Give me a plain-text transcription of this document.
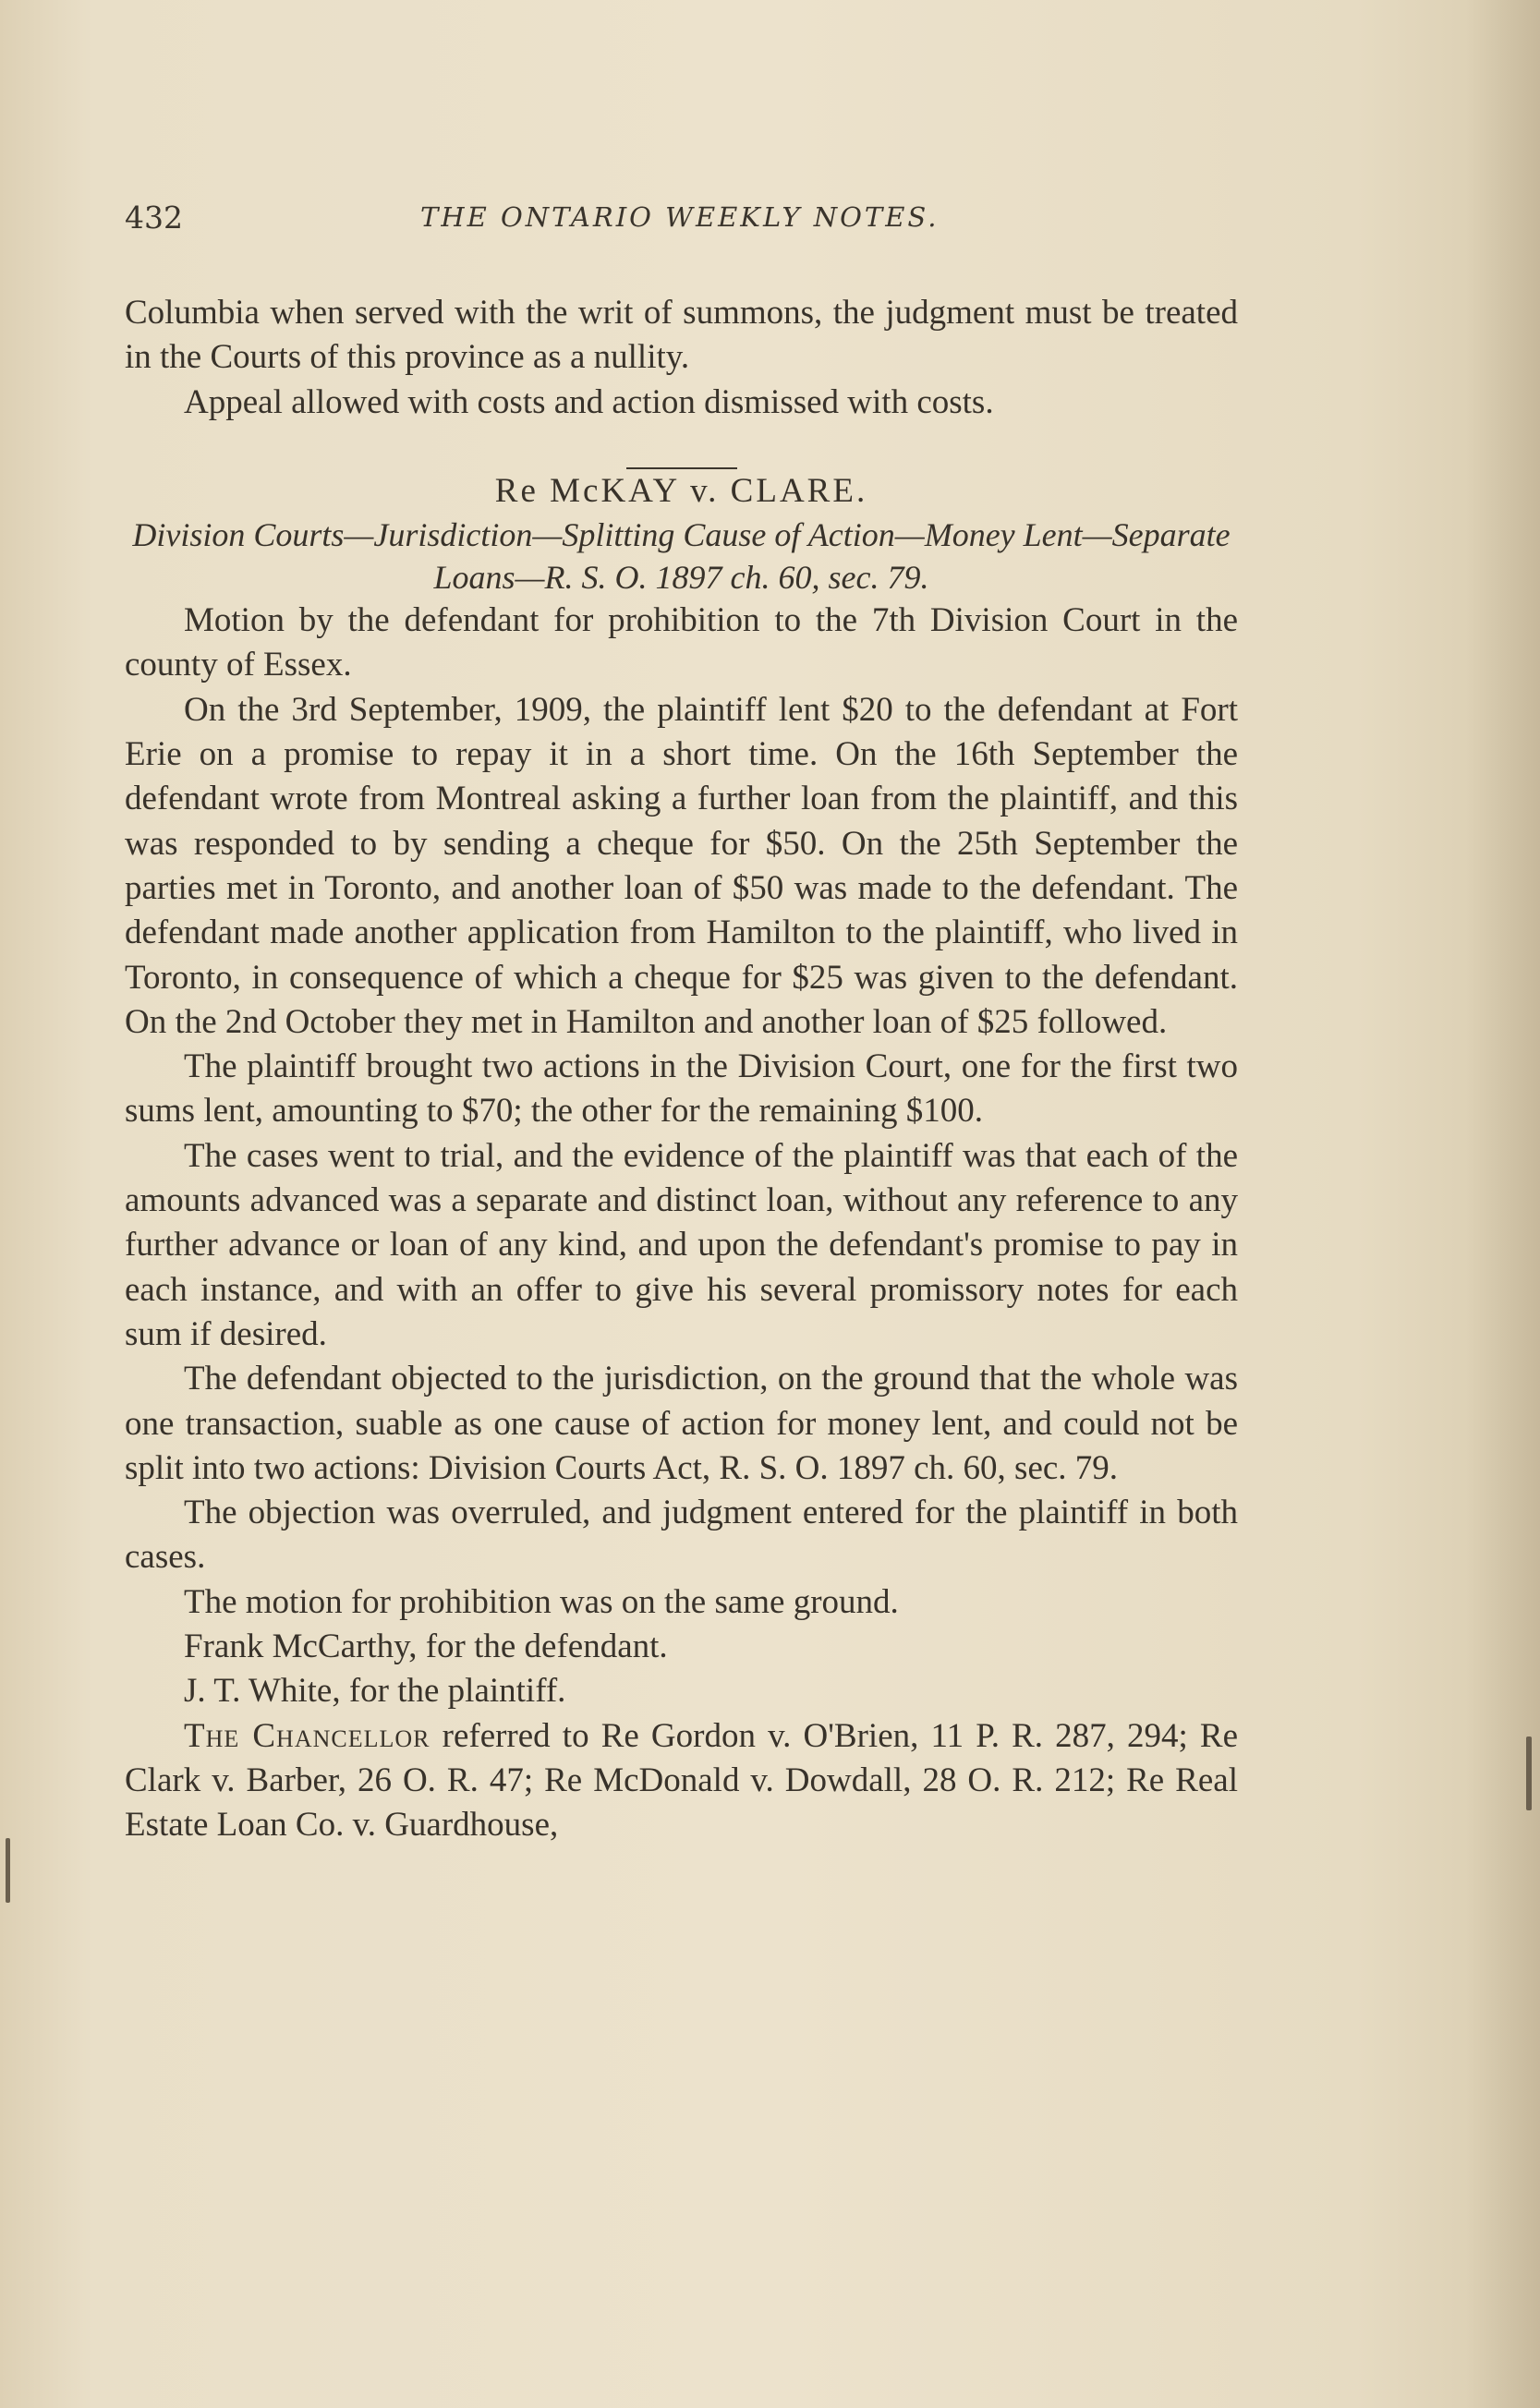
432	THE ONTARIO WEEKLY NOTES.

Columbia when served with the writ of summons, the judgment must be treated in the Courts of this province as a nullity.

Appeal allowed with costs and action dismissed with costs.

Re McKAY v. CLARE.

Division Courts—Jurisdiction—Splitting Cause of Action—Money Lent—Separate Loans—R. S. O. 1897 ch. 60, sec. 79.

Motion by the defendant for prohibition to the 7th Division Court in the county of Essex.

On the 3rd September, 1909, the plaintiff lent $20 to the defendant at Fort Erie on a promise to repay it in a short time. On the 16th September the defendant wrote from Montreal asking a further loan from the plaintiff, and this was responded to by sending a cheque for $50. On the 25th September the parties met in Toronto, and another loan of $50 was made to the defendant. The defendant made another application from Hamilton to the plaintiff, who lived in Toronto, in consequence of which a cheque for $25 was given to the defendant. On the 2nd October they met in Hamilton and another loan of $25 followed.

The plaintiff brought two actions in the Division Court, one for the first two sums lent, amounting to $70; the other for the remaining $100.

The cases went to trial, and the evidence of the plaintiff was that each of the amounts advanced was a separate and distinct loan, without any reference to any further advance or loan of any kind, and upon the defendant's promise to pay in each instance, and with an offer to give his several promissory notes for each sum if desired.

The defendant objected to the jurisdiction, on the ground that the whole was one transaction, suable as one cause of action for money lent, and could not be split into two actions: Division Courts Act, R. S. O. 1897 ch. 60, sec. 79.

The objection was overruled, and judgment entered for the plaintiff in both cases.

The motion for prohibition was on the same ground.

Frank McCarthy, for the defendant.

J. T. White, for the plaintiff.

The Chancellor referred to Re Gordon v. O'Brien, 11 P. R. 287, 294; Re Clark v. Barber, 26 O. R. 47; Re McDonald v. Dowdall, 28 O. R. 212; Re Real Estate Loan Co. v. Guardhouse,
